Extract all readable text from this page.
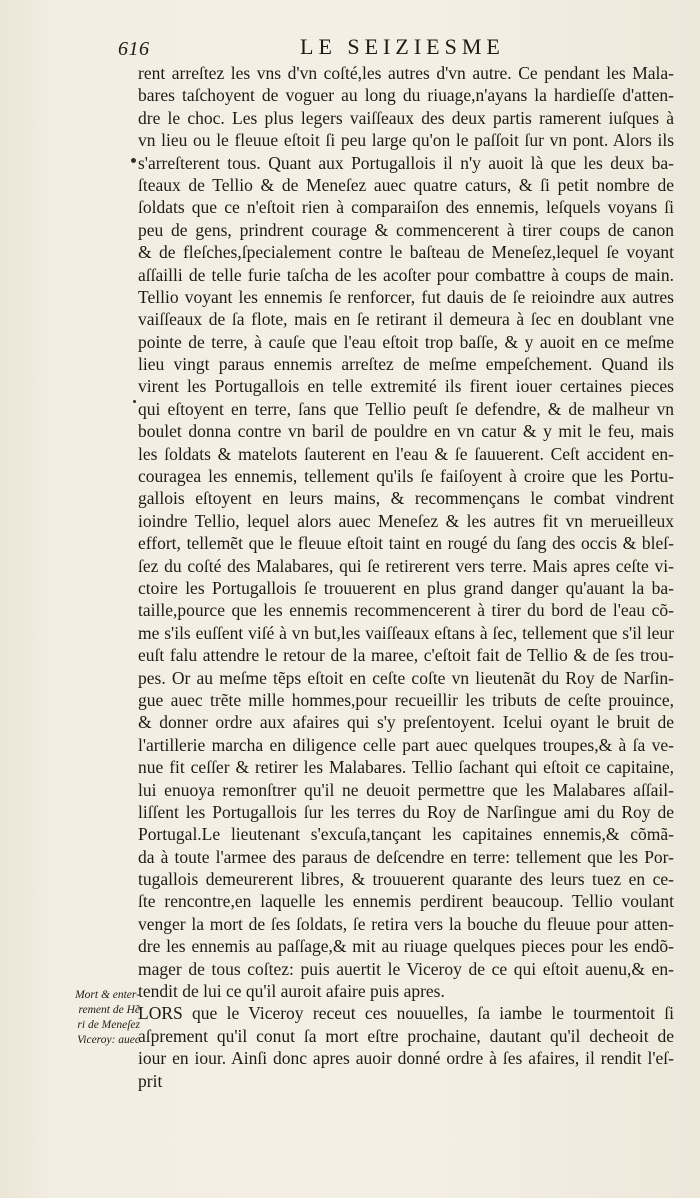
616	LE SEIZIESME
rent arreſtez les vns d'vn coſté,les autres d'vn autre. Ce pendant les Mala-
bares taſchoyent de voguer au long du riuage,n'ayans la hardieſſe d'atten-
dre le choc. Les plus legers vaiſſeaux des deux partis ramerent iuſques à
vn lieu ou le fleuue eſtoit ſi peu large qu'on le paſſoit ſur vn pont. Alors ils
s'arreſterent tous. Quant aux Portugallois il n'y auoit là que les deux ba-
ſteaux de Tellio & de Meneſez auec quatre caturs, & ſi petit nombre de
ſoldats que ce n'eſtoit rien à comparaiſon des ennemis, leſquels voyans ſi
peu de gens, prindrent courage & commencerent à tirer coups de canon
& de fleſches,ſpecialement contre le baſteau de Meneſez,lequel ſe voyant
aſſailli de telle furie taſcha de les acoſter pour combattre à coups de main.
Tellio voyant les ennemis ſe renforcer, fut dauis de ſe reioindre aux autres
vaiſſeaux de ſa flote, mais en ſe retirant il demeura à ſec en doublant vne
pointe de terre, à cauſe que l'eau eſtoit trop baſſe, & y auoit en ce meſme
lieu vingt paraus ennemis arreſtez de meſme empeſchement. Quand ils
virent les Portugallois en telle extremité ils firent iouer certaines pieces
qui eſtoyent en terre, ſans que Tellio peuſt ſe defendre, & de malheur vn
boulet donna contre vn baril de pouldre en vn catur & y mit le feu, mais
les ſoldats & matelots ſauterent en l'eau & ſe ſauuerent. Ceſt accident en-
couragea les ennemis, tellement qu'ils ſe faiſoyent à croire que les Portu-
gallois eſtoyent en leurs mains, & recommençans le combat vindrent
ioindre Tellio, lequel alors auec Meneſez & les autres fit vn merueilleux
effort, tellemẽt que le fleuue eſtoit taint en rougé du ſang des occis & bleſ-
ſez du coſté des Malabares, qui ſe retirerent vers terre. Mais apres ceſte vi-
ctoire les Portugallois ſe trouuerent en plus grand danger qu'auant la ba-
taille,pource que les ennemis recommencerent à tirer du bord de l'eau cõ-
me s'ils euſſent viſé à vn but,les vaiſſeaux eſtans à ſec, tellement que s'il leur
euſt falu attendre le retour de la maree, c'eſtoit fait de Tellio & de ſes trou-
pes. Or au meſme tẽps eſtoit en ceſte coſte vn lieutenãt du Roy de Narſin-
gue auec trẽte mille hommes,pour recueillir les tributs de ceſte prouince,
& donner ordre aux afaires qui s'y preſentoyent. Icelui oyant le bruit de
l'artillerie marcha en diligence celle part auec quelques troupes,& à ſa ve-
nue fit ceſſer & retirer les Malabares. Tellio ſachant qui eſtoit ce capitaine,
lui enuoya remonſtrer qu'il ne deuoit permettre que les Malabares aſſail-
liſſent les Portugallois ſur les terres du Roy de Narſingue ami du Roy de
Portugal.Le lieutenant s'excuſa,tançant les capitaines ennemis,& cõmã-
da à toute l'armee des paraus de deſcendre en terre: tellement que les Por-
tugallois demeurerent libres, & trouuerent quarante des leurs tuez en ce-
ſte rencontre,en laquelle les ennemis perdirent beaucoup. Tellio voulant
venger la mort de ſes ſoldats, ſe retira vers la bouche du fleuue pour atten-
dre les ennemis au paſſage,& mit au riuage quelques pieces pour les endõ-
mager de tous coſtez: puis auertit le Viceroy de ce qui eſtoit auenu,& en-
tendit de lui ce qu'il auroit afaire puis apres.
LORS que le Viceroy receut ces nouuelles, ſa iambe le tourmentoit ſi
aſprement qu'il conut ſa mort eſtre prochaine, dautant qu'il decheoit de
iour en iour. Ainſi donc apres auoir donné ordre à ſes afaires, il rendit l'eſ-
prit
Mort & enter-
rement de Hẽ
ri de Meneſez
Viceroy: auec
